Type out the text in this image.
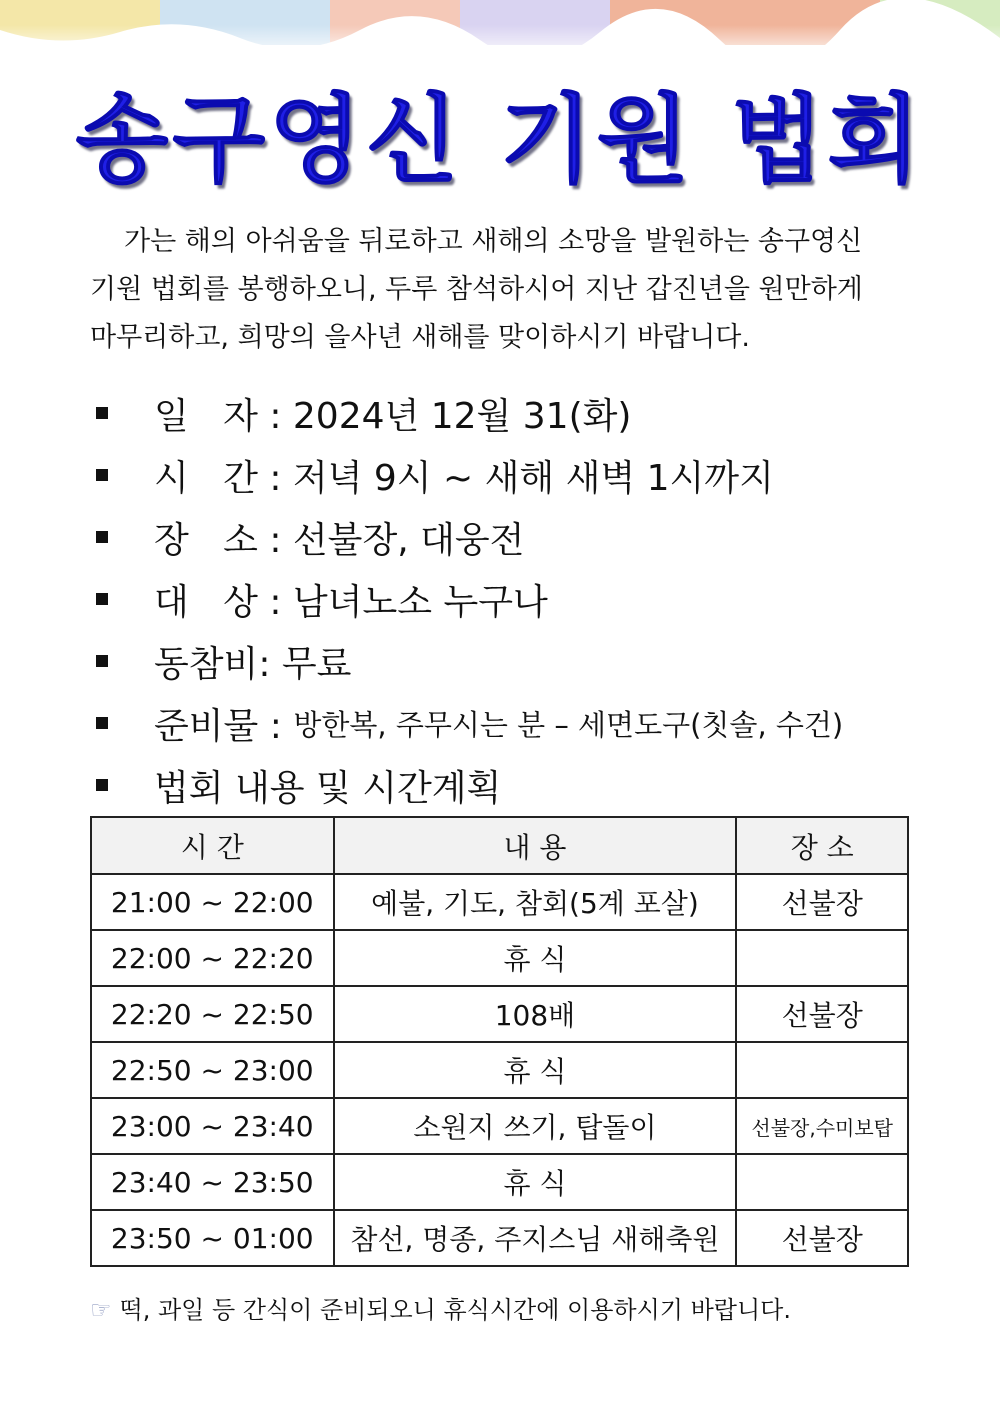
송구영신 기원 법회
가는 해의 아쉬움을 뒤로하고 새해의 소망을 발원하는 송구영신
기원 법회를 봉행하오니, 두루 참석하시어 지난 갑진년을 원만하게
마무리하고, 희망의 을사년 새해를 맞이하시기 바랍니다.
일   자 : 2024년 12월 31(화)
시   간 : 저녁 9시 ~ 새해 새벽 1시까지
장   소 : 선불장, 대웅전
대   상 : 남녀노소 누구나
동참비: 무료
준비물 : 방한복, 주무시는 분 – 세면도구(칫솔, 수건)
법회 내용 및 시간계획
시 간	내 용	장 소
21:00 ~ 22:00	예불, 기도, 참회(5계 포살)	선불장
22:00 ~ 22:20	휴 식	
22:20 ~ 22:50	108배	선불장
22:50 ~ 23:00	휴 식	
23:00 ~ 23:40	소원지 쓰기, 탑돌이	선불장,수미보탑
23:40 ~ 23:50	휴 식	
23:50 ~ 01:00	참선, 명종, 주지스님 새해축원	선불장
☞ 떡, 과일 등 간식이 준비되오니 휴식시간에 이용하시기 바랍니다.
